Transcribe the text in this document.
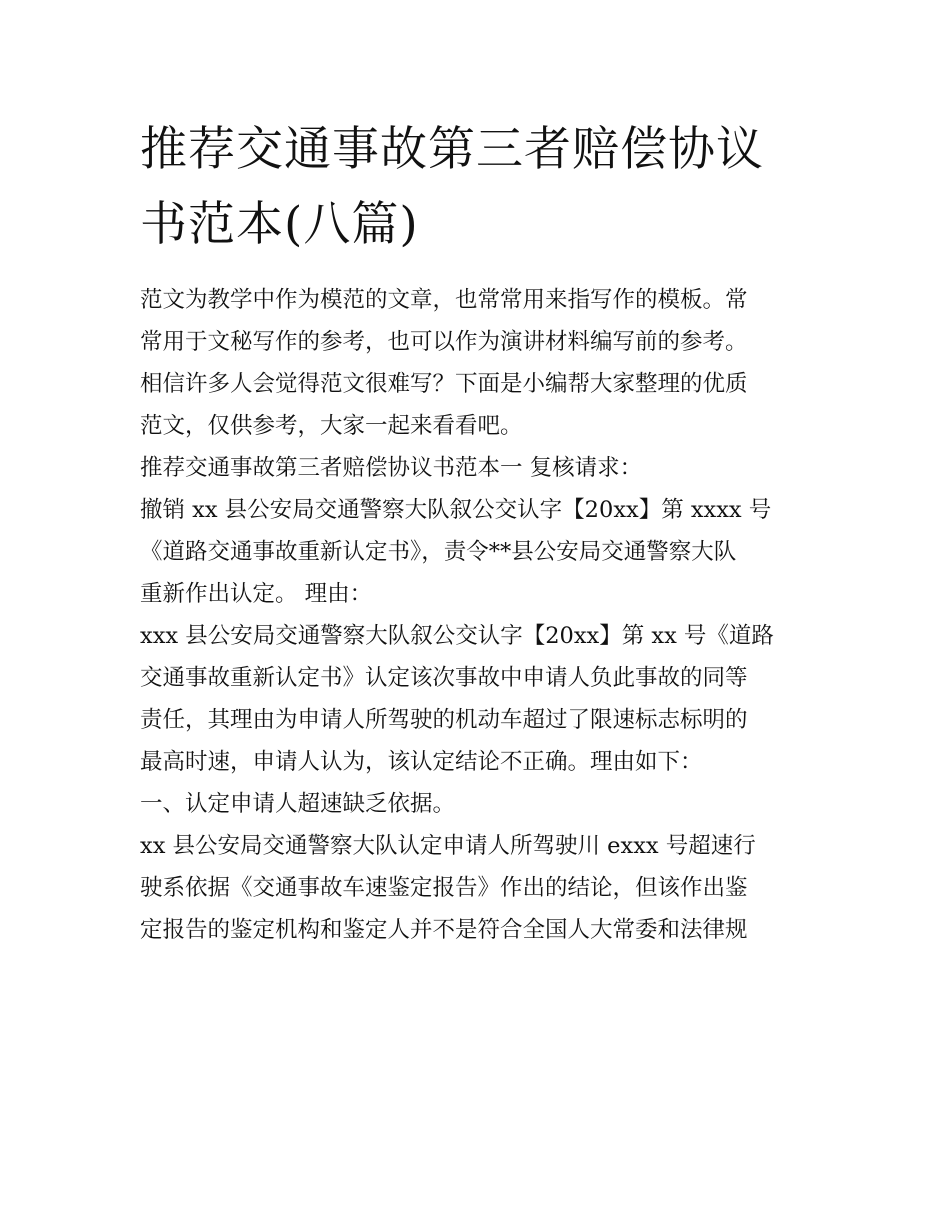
推荐交通事故第三者赔偿协议
书范本(八篇)
范文为教学中作为模范的文章，也常常用来指写作的模板。常
常用于文秘写作的参考，也可以作为演讲材料编写前的参考。
相信许多人会觉得范文很难写？下面是小编帮大家整理的优质
范文，仅供参考，大家一起来看看吧。
推荐交通事故第三者赔偿协议书范本一 复核请求：
撤销 xx 县公安局交通警察大队叙公交认字【20xx】第 xxxx 号
《道路交通事故重新认定书》，责令**县公安局交通警察大队
重新作出认定。 理由：
xxx 县公安局交通警察大队叙公交认字【20xx】第 xx 号《道路
交通事故重新认定书》认定该次事故中申请人负此事故的同等
责任，其理由为申请人所驾驶的机动车超过了限速标志标明的
最高时速，申请人认为，该认定结论不正确。理由如下：
一、认定申请人超速缺乏依据。
xx 县公安局交通警察大队认定申请人所驾驶川 exxx 号超速行
驶系依据《交通事故车速鉴定报告》作出的结论，但该作出鉴
定报告的鉴定机构和鉴定人并不是符合全国人大常委和法律规
